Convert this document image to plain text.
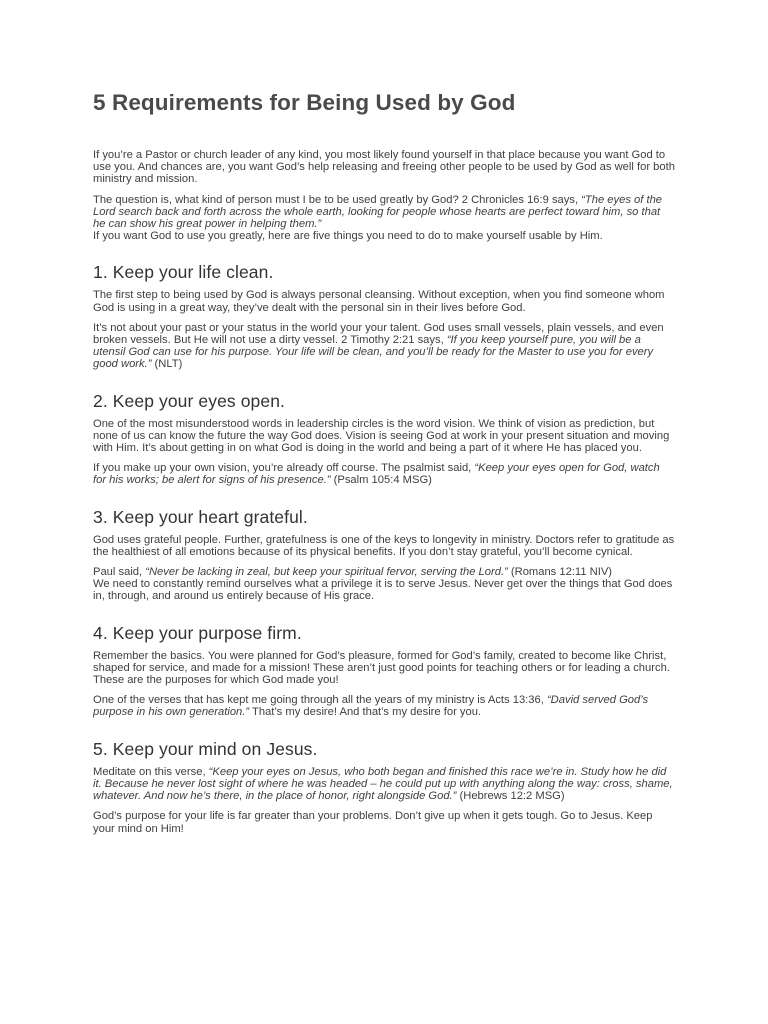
5 Requirements for Being Used by God

If you’re a Pastor or church leader of any kind, you most likely found yourself in that place because you want God to use you. And chances are, you want God’s help releasing and freeing other people to be used by God as well for both ministry and mission.

The question is, what kind of person must I be to be used greatly by God? 2 Chronicles 16:9 says, “The eyes of the Lord search back and forth across the whole earth, looking for people whose hearts are perfect toward him, so that he can show his great power in helping them.”
If you want God to use you greatly, here are five things you need to do to make yourself usable by Him.

1. Keep your life clean.

The first step to being used by God is always personal cleansing. Without exception, when you find someone whom God is using in a great way, they’ve dealt with the personal sin in their lives before God.

It’s not about your past or your status in the world your your talent. God uses small vessels, plain vessels, and even broken vessels. But He will not use a dirty vessel. 2 Timothy 2:21 says, “If you keep yourself pure, you will be a utensil God can use for his purpose. Your life will be clean, and you’ll be ready for the Master to use you for every good work.” (NLT)

2. Keep your eyes open.

One of the most misunderstood words in leadership circles is the word vision. We think of vision as prediction, but none of us can know the future the way God does. Vision is seeing God at work in your present situation and moving with Him. It’s about getting in on what God is doing in the world and being a part of it where He has placed you.

If you make up your own vision, you’re already off course. The psalmist said, “Keep your eyes open for God, watch for his works; be alert for signs of his presence.” (Psalm 105:4 MSG)

3. Keep your heart grateful.

God uses grateful people. Further, gratefulness is one of the keys to longevity in ministry. Doctors refer to gratitude as the healthiest of all emotions because of its physical benefits. If you don’t stay grateful, you’ll become cynical.

Paul said, “Never be lacking in zeal, but keep your spiritual fervor, serving the Lord.” (Romans 12:11 NIV)
We need to constantly remind ourselves what a privilege it is to serve Jesus. Never get over the things that God does in, through, and around us entirely because of His grace.

4. Keep your purpose firm.

Remember the basics. You were planned for God’s pleasure, formed for God’s family, created to become like Christ, shaped for service, and made for a mission! These aren’t just good points for teaching others or for leading a church. These are the purposes for which God made you!

One of the verses that has kept me going through all the years of my ministry is Acts 13:36, “David served God’s purpose in his own generation.” That’s my desire! And that’s my desire for you.

5. Keep your mind on Jesus.

Meditate on this verse, “Keep your eyes on Jesus, who both began and finished this race we’re in. Study how he did it. Because he never lost sight of where he was headed – he could put up with anything along the way: cross, shame, whatever. And now he’s there, in the place of honor, right alongside God.” (Hebrews 12:2 MSG)

God’s purpose for your life is far greater than your problems. Don’t give up when it gets tough. Go to Jesus. Keep your mind on Him!
